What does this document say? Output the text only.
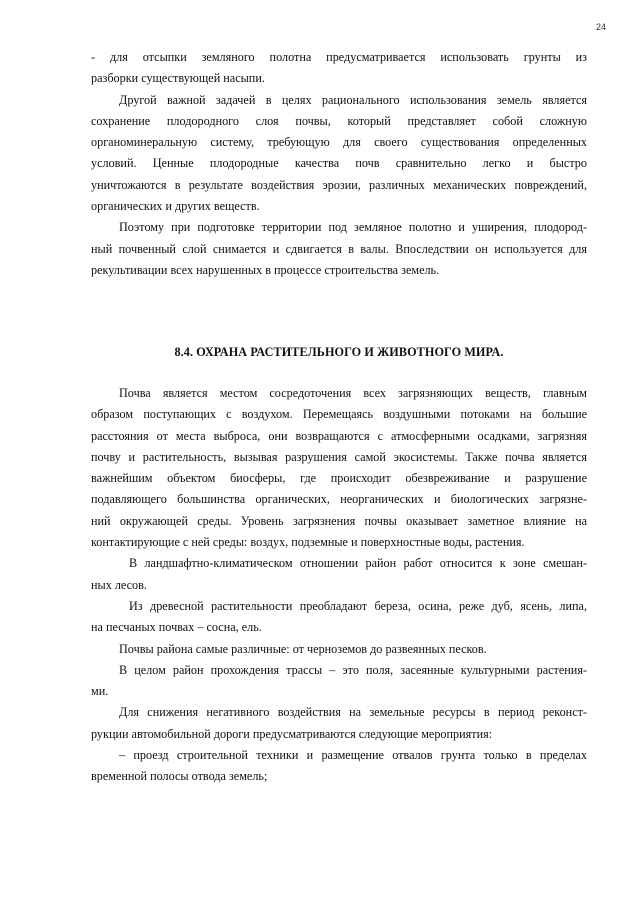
24
- для отсыпки земляного полотна предусматривается использовать грунты из
разборки существующей насыпи.
Другой важной задачей в целях рационального использования земель является
сохранение плодородного слоя почвы, который представляет собой сложную
органоминеральную систему, требующую для своего существования определенных
условий. Ценные плодородные качества почв сравнительно легко и быстро
уничтожаются в результате воздействия эрозии, различных механических повреждений,
органических и других веществ.
Поэтому при подготовке территории под земляное полотно и уширения, плодород-
ный почвенный слой снимается и сдвигается в валы. Впоследствии он используется для
рекультивации всех нарушенных в процессе строительства земель.
8.4. ОХРАНА РАСТИТЕЛЬНОГО И ЖИВОТНОГО МИРА.
Почва является местом сосредоточения всех загрязняющих веществ, главным
образом поступающих с воздухом. Перемещаясь воздушными потоками на большие
расстояния от места выброса, они возвращаются с атмосферными осадками, загрязняя
почву и растительность, вызывая разрушения самой экосистемы. Также почва является
важнейшим объектом биосферы, где происходит обезвреживание и разрушение
подавляющего большинства органических, неорганических и биологических загрязне-
ний окружающей среды. Уровень загрязнения почвы оказывает заметное влияние на
контактирующие с ней среды: воздух, подземные и поверхностные воды, растения.
В ландшафтно-климатическом отношении район работ относится к зоне смешан-
ных лесов.
Из древесной растительности преобладают береза, осина, реже дуб, ясень, липа,
на песчаных почвах – сосна, ель.
Почвы района самые различные: от черноземов до развеянных песков.
В целом район прохождения трассы – это поля, засеянные культурными растения-
ми.
Для снижения негативного воздействия на земельные ресурсы в период реконст-
рукции автомобильной дороги предусматриваются следующие мероприятия:
– проезд строительной техники и размещение отвалов грунта только в пределах
временной полосы отвода земель;
